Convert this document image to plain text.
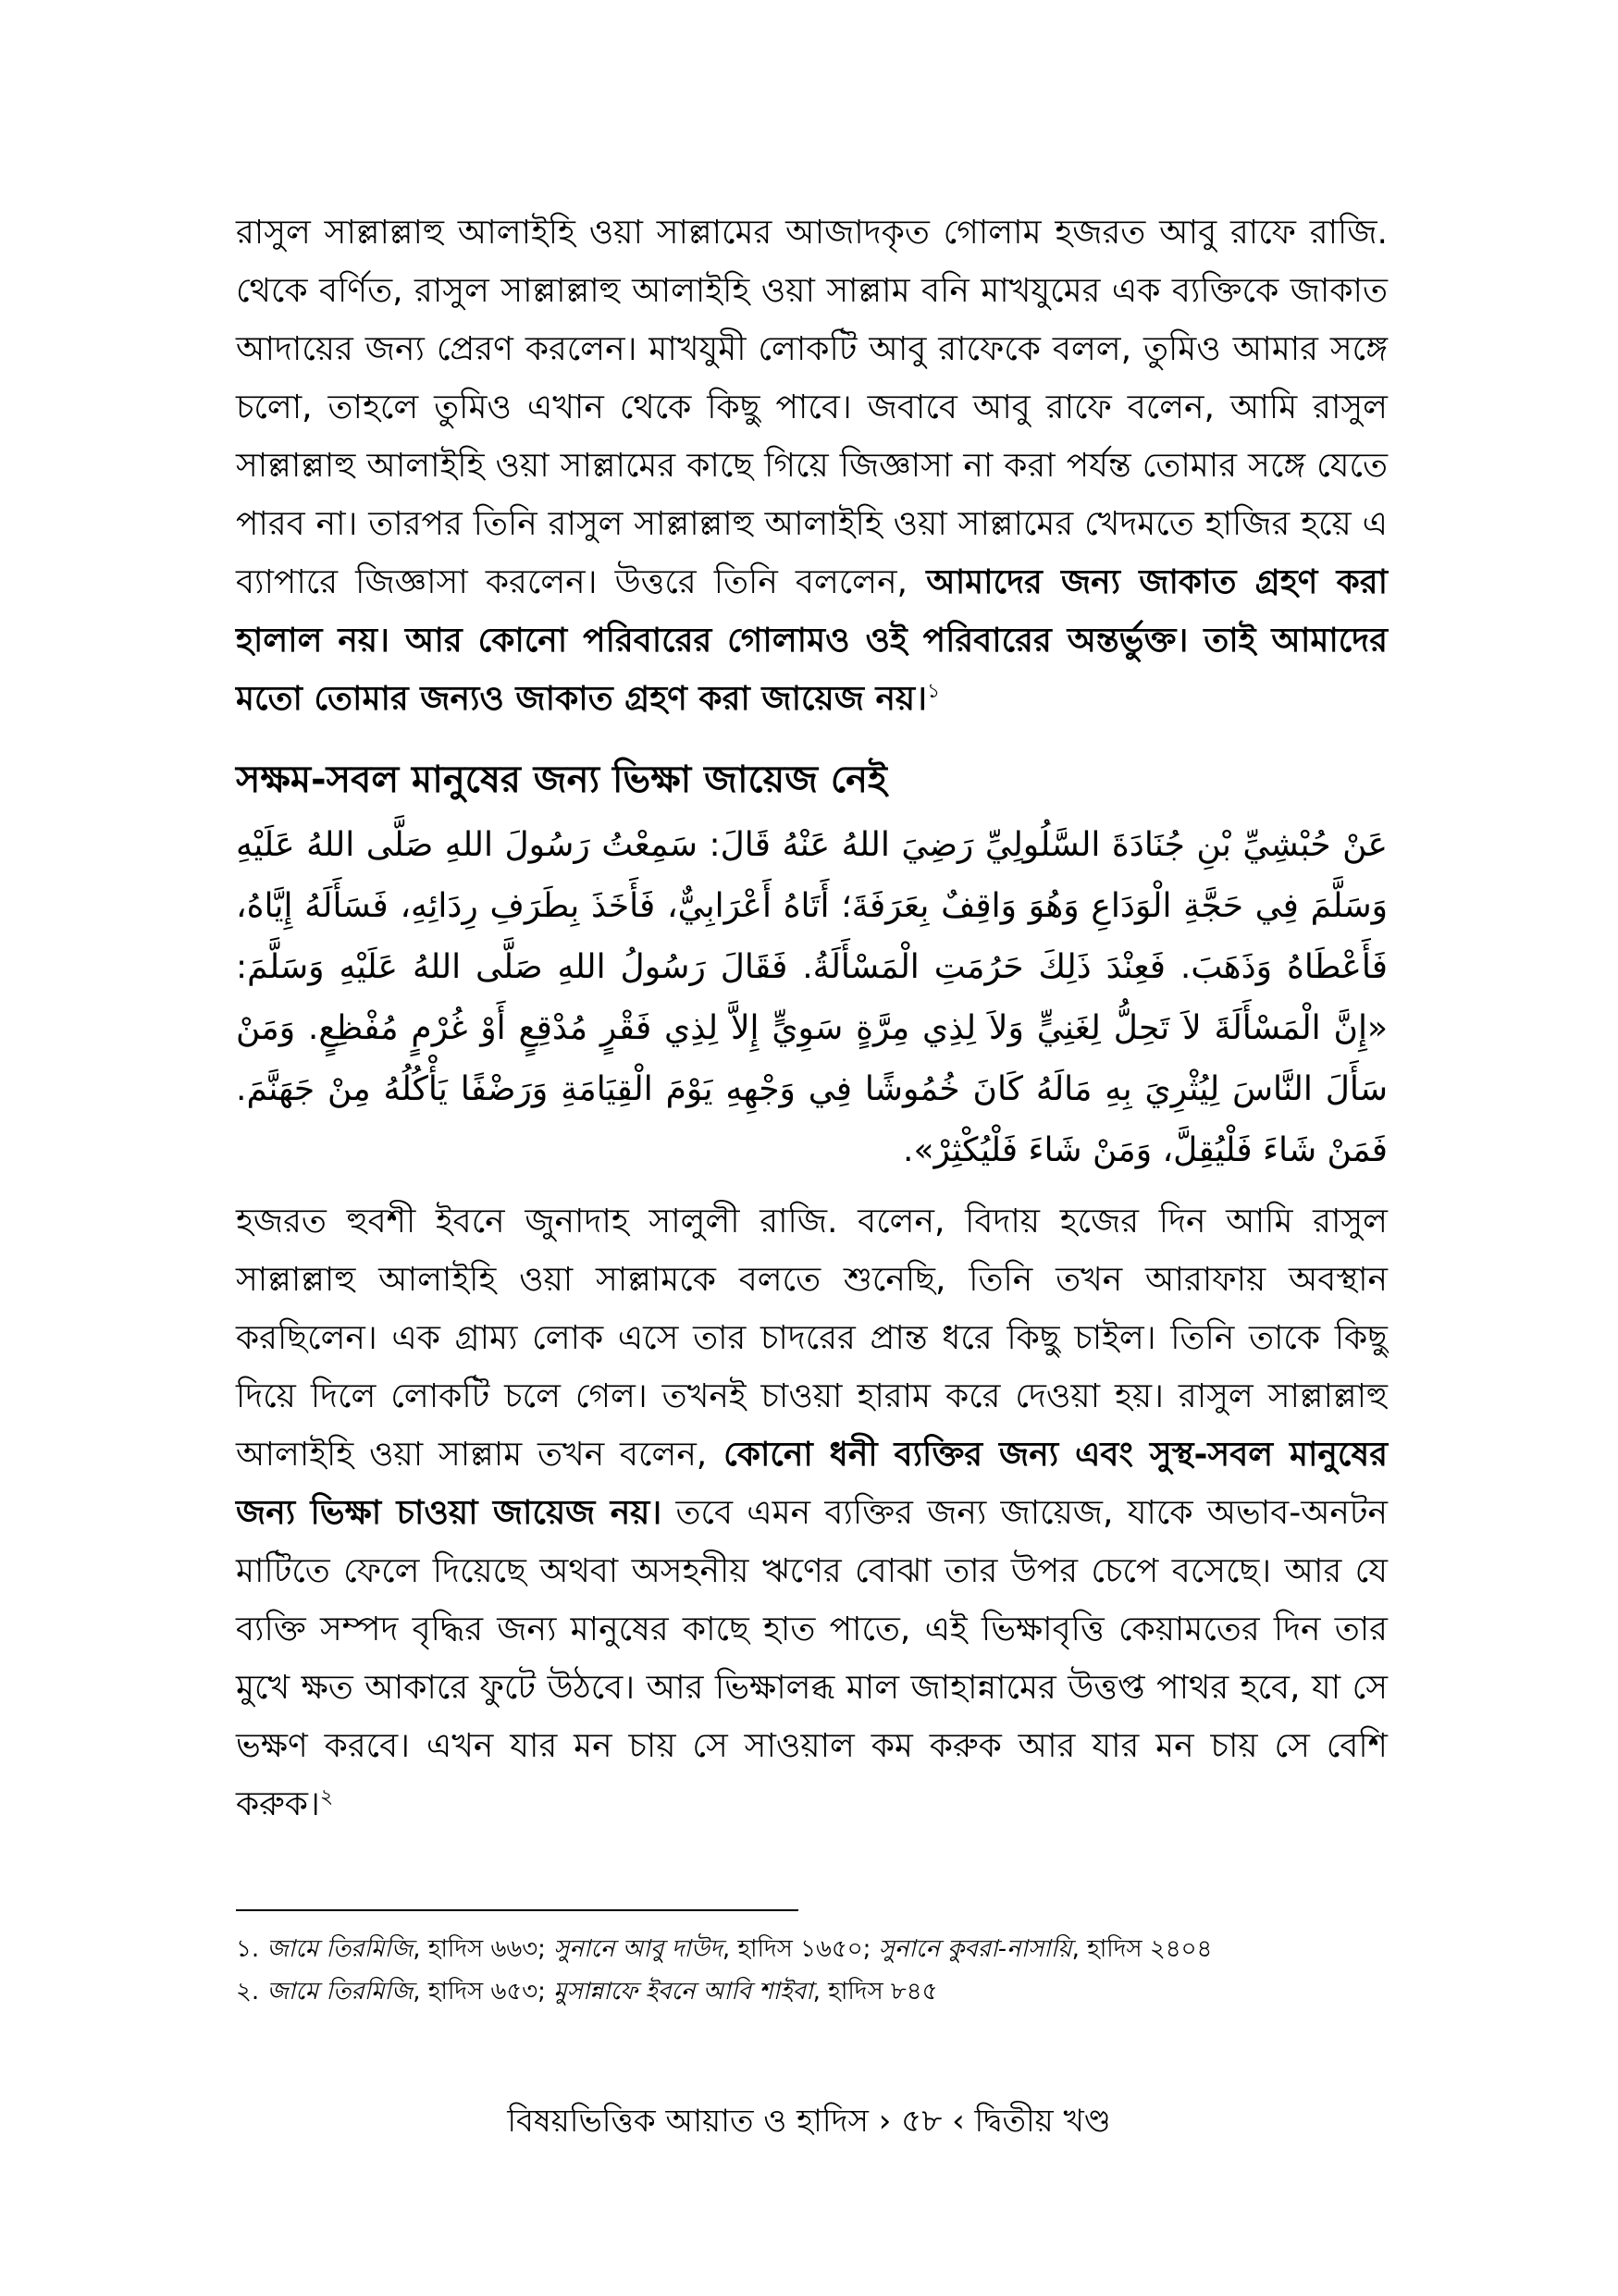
রাসুল সাল্লাল্লাহু আলাইহি ওয়া সাল্লামের আজাদকৃত গোলাম হজরত আবু রাফে রাজি. থেকে বর্ণিত, রাসুল সাল্লাল্লাহু আলাইহি ওয়া সাল্লাম বনি মাখযুমের এক ব্যক্তিকে জাকাত আদায়ের জন্য প্রেরণ করলেন। মাখযুমী লোকটি আবু রাফেকে বলল, তুমিও আমার সঙ্গে চলো, তাহলে তুমিও এখান থেকে কিছু পাবে। জবাবে আবু রাফে বলেন, আমি রাসুল সাল্লাল্লাহু আলাইহি ওয়া সাল্লামের কাছে গিয়ে জিজ্ঞাসা না করা পর্যন্ত তোমার সঙ্গে যেতে পারব না। তারপর তিনি রাসুল সাল্লাল্লাহু আলাইহি ওয়া সাল্লামের খেদমতে হাজির হয়ে এ ব্যাপারে জিজ্ঞাসা করলেন। উত্তরে তিনি বললেন, আমাদের জন্য জাকাত গ্রহণ করা হালাল নয়। আর কোনো পরিবারের গোলামও ওই পরিবারের অন্তর্ভুক্ত। তাই আমাদের মতো তোমার জন্যও জাকাত গ্রহণ করা জায়েজ নয়।$^১$

সক্ষম-সবল মানুষের জন্য ভিক্ষা জায়েজ নেই

عَنْ حُبْشِيِّ بْنِ جُنَادَةَ السَّلُولِيِّ رَضِيَ اللهُ عَنْهُ قَالَ: سَمِعْتُ رَسُولَ اللهِ صَلَّى اللهُ عَلَيْهِ وَسَلَّمَ فِي حَجَّةِ الْوَدَاعِ وَهُوَ وَاقِفٌ بِعَرَفَةَ؛ أَتَاهُ أَعْرَابِيٌّ، فَأَخَذَ بِطَرَفِ رِدَائِهِ، فَسَأَلَهُ إِيَّاهُ، فَأَعْطَاهُ وَذَهَبَ. فَعِنْدَ ذَلِكَ حَرُمَتِ الْمَسْأَلَةُ. فَقَالَ رَسُولُ اللهِ صَلَّى اللهُ عَلَيْهِ وَسَلَّمَ: «إِنَّ الْمَسْأَلَةَ لاَ تَحِلُّ لِغَنِيٍّ وَلاَ لِذِي مِرَّةٍ سَوِيٍّ إِلاَّ لِذِي فَقْرٍ مُدْقِعٍ أَوْ غُرْمٍ مُفْظِعٍ. وَمَنْ سَأَلَ النَّاسَ لِيُثْرِيَ بِهِ مَالَهُ كَانَ خُمُوشًا فِي وَجْهِهِ يَوْمَ الْقِيَامَةِ وَرَضْفًا يَأْكُلُهُ مِنْ جَهَنَّمَ. فَمَنْ شَاءَ فَلْيُقِلَّ، وَمَنْ شَاءَ فَلْيُكْثِرْ».

হজরত হুবশী ইবনে জুনাদাহ সালুলী রাজি. বলেন, বিদায় হজের দিন আমি রাসুল সাল্লাল্লাহু আলাইহি ওয়া সাল্লামকে বলতে শুনেছি, তিনি তখন আরাফায় অবস্থান করছিলেন। এক গ্রাম্য লোক এসে তার চাদরের প্রান্ত ধরে কিছু চাইল। তিনি তাকে কিছু দিয়ে দিলে লোকটি চলে গেল। তখনই চাওয়া হারাম করে দেওয়া হয়। রাসুল সাল্লাল্লাহু আলাইহি ওয়া সাল্লাম তখন বলেন, কোনো ধনী ব্যক্তির জন্য এবং সুস্থ-সবল মানুষের জন্য ভিক্ষা চাওয়া জায়েজ নয়। তবে এমন ব্যক্তির জন্য জায়েজ, যাকে অভাব-অনটন মাটিতে ফেলে দিয়েছে অথবা অসহনীয় ঋণের বোঝা তার উপর চেপে বসেছে। আর যে ব্যক্তি সম্পদ বৃদ্ধির জন্য মানুষের কাছে হাত পাতে, এই ভিক্ষাবৃত্তি কেয়ামতের দিন তার মুখে ক্ষত আকারে ফুটে উঠবে। আর ভিক্ষালব্ধ মাল জাহান্নামের উত্তপ্ত পাথর হবে, যা সে ভক্ষণ করবে। এখন যার মন চায় সে সাওয়াল কম করুক আর যার মন চায় সে বেশি করুক।$^২$

১. জামে তিরমিজি, হাদিস ৬৬৩; সুনানে আবু দাউদ, হাদিস ১৬৫০; সুনানে কুবরা-নাসায়ি, হাদিস ২৪০৪
২. জামে তিরমিজি, হাদিস ৬৫৩; মুসান্নাফে ইবনে আবি শাইবা, হাদিস ৮৪৫
বিষয়ভিত্তিক আয়াত ও হাদিস › ৫৮ ‹ দ্বিতীয় খণ্ড
